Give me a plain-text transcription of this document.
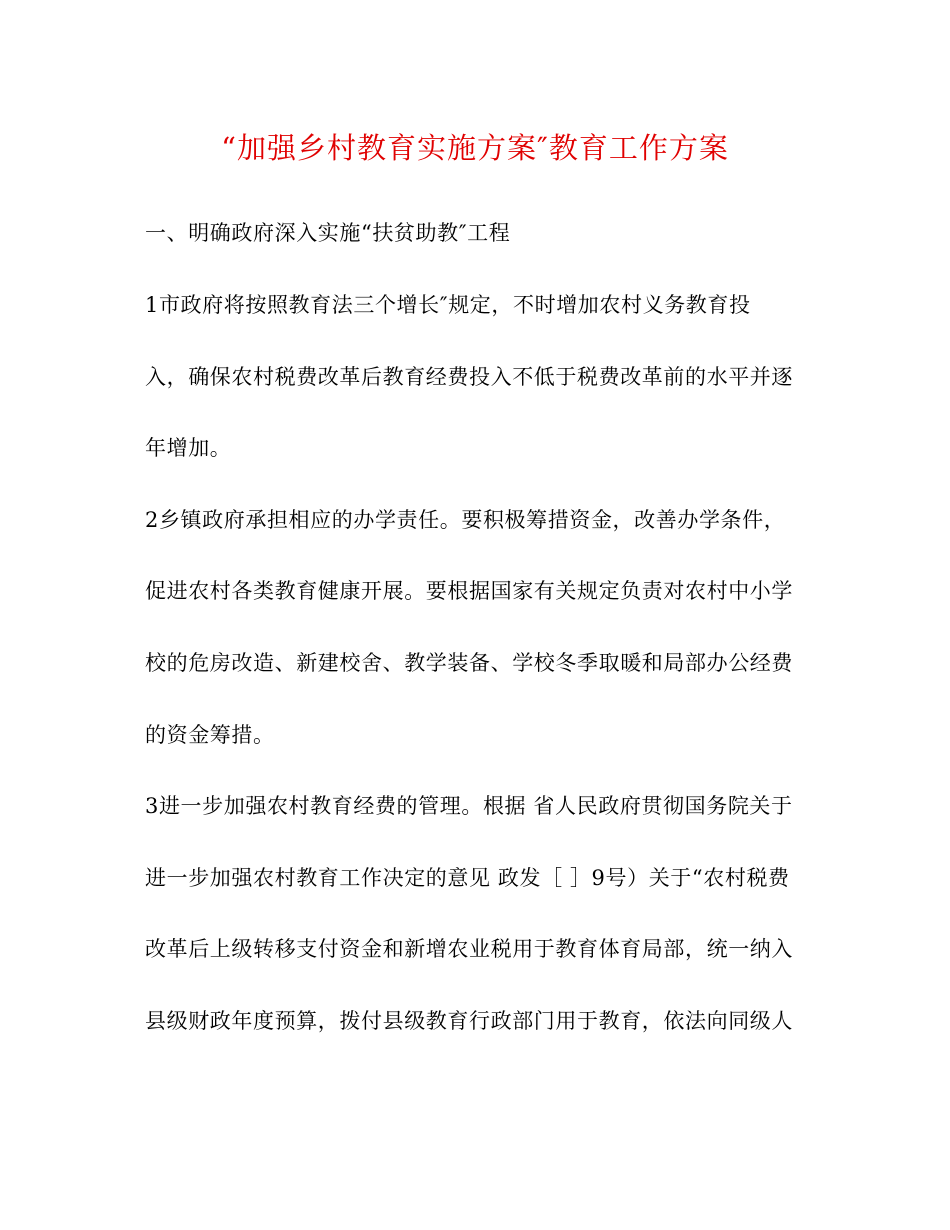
“加强乡村教育实施方案″教育工作方案
一、明确政府深入实施“扶贫助教″工程
1市政府将按照教育法三个增长″规定，不时增加农村义务教育投
入，确保农村税费改革后教育经费投入不低于税费改革前的水平并逐
年增加。
2乡镇政府承担相应的办学责任。要积极筹措资金，改善办学条件，
促进农村各类教育健康开展。要根据国家有关规定负责对农村中小学
校的危房改造、新建校舍、教学装备、学校冬季取暖和局部办公经费
的资金筹措。
3进一步加强农村教育经费的管理。根据 省人民政府贯彻国务院关于
进一步加强农村教育工作决定的意见 政发［ ］9号）关于“农村税费
改革后上级转移支付资金和新增农业税用于教育体育局部，统一纳入
县级财政年度预算，拨付县级教育行政部门用于教育，依法向同级人
